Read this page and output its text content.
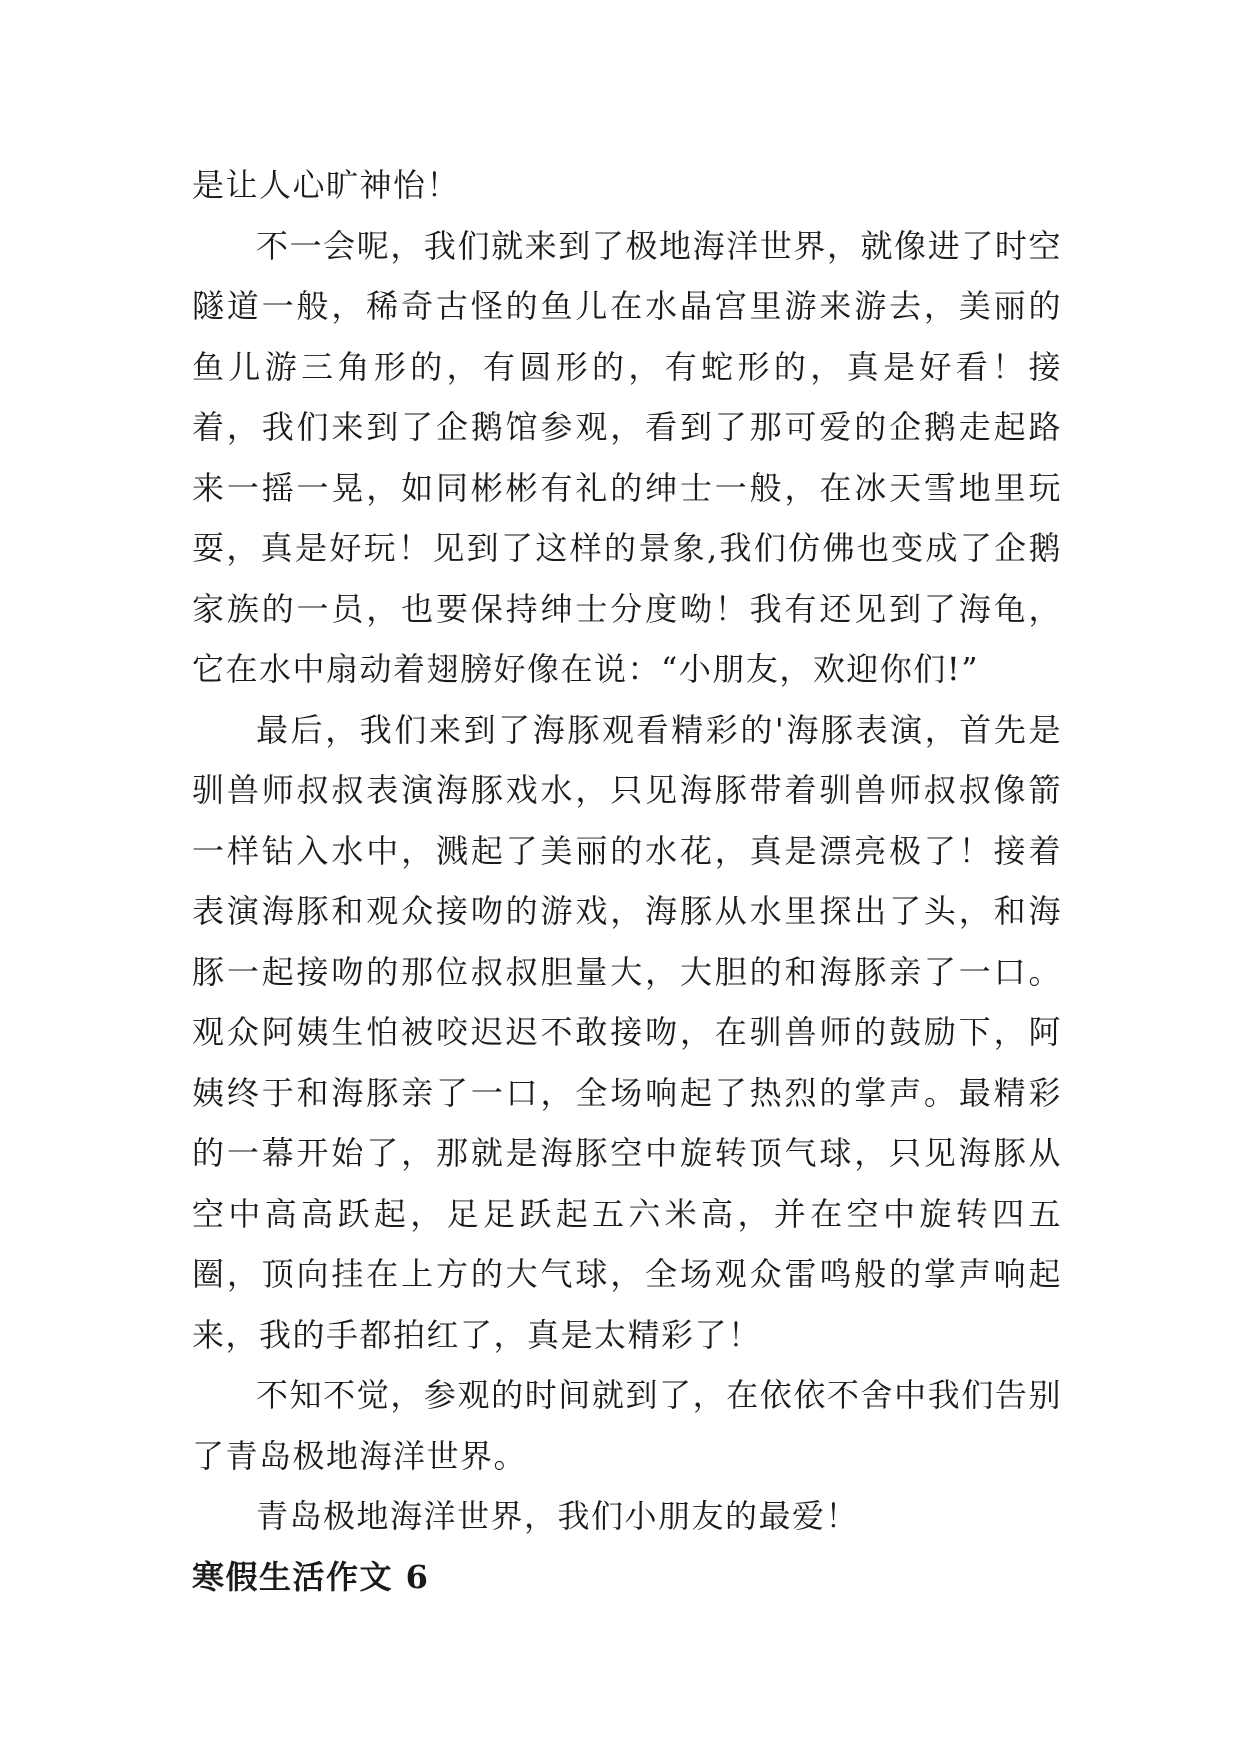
是让人心旷神怡！

不一会呢，我们就来到了极地海洋世界，就像进了时空隧道一般，稀奇古怪的鱼儿在水晶宫里游来游去，美丽的鱼儿游三角形的，有圆形的，有蛇形的，真是好看！接着，我们来到了企鹅馆参观，看到了那可爱的企鹅走起路来一摇一晃，如同彬彬有礼的绅士一般，在冰天雪地里玩耍，真是好玩！见到了这样的景象,我们仿佛也变成了企鹅家族的一员，也要保持绅士分度呦！我有还见到了海龟，它在水中扇动着翅膀好像在说：“小朋友，欢迎你们!”

最后，我们来到了海豚观看精彩的'海豚表演，首先是驯兽师叔叔表演海豚戏水，只见海豚带着驯兽师叔叔像箭一样钻入水中，溅起了美丽的水花，真是漂亮极了！接着表演海豚和观众接吻的游戏，海豚从水里探出了头，和海豚一起接吻的那位叔叔胆量大，大胆的和海豚亲了一口。观众阿姨生怕被咬迟迟不敢接吻，在驯兽师的鼓励下，阿姨终于和海豚亲了一口，全场响起了热烈的掌声。最精彩的一幕开始了，那就是海豚空中旋转顶气球，只见海豚从空中高高跃起，足足跃起五六米高，并在空中旋转四五圈，顶向挂在上方的大气球，全场观众雷鸣般的掌声响起来，我的手都拍红了，真是太精彩了！

不知不觉，参观的时间就到了，在依依不舍中我们告别了青岛极地海洋世界。

青岛极地海洋世界，我们小朋友的最爱！

寒假生活作文 6
